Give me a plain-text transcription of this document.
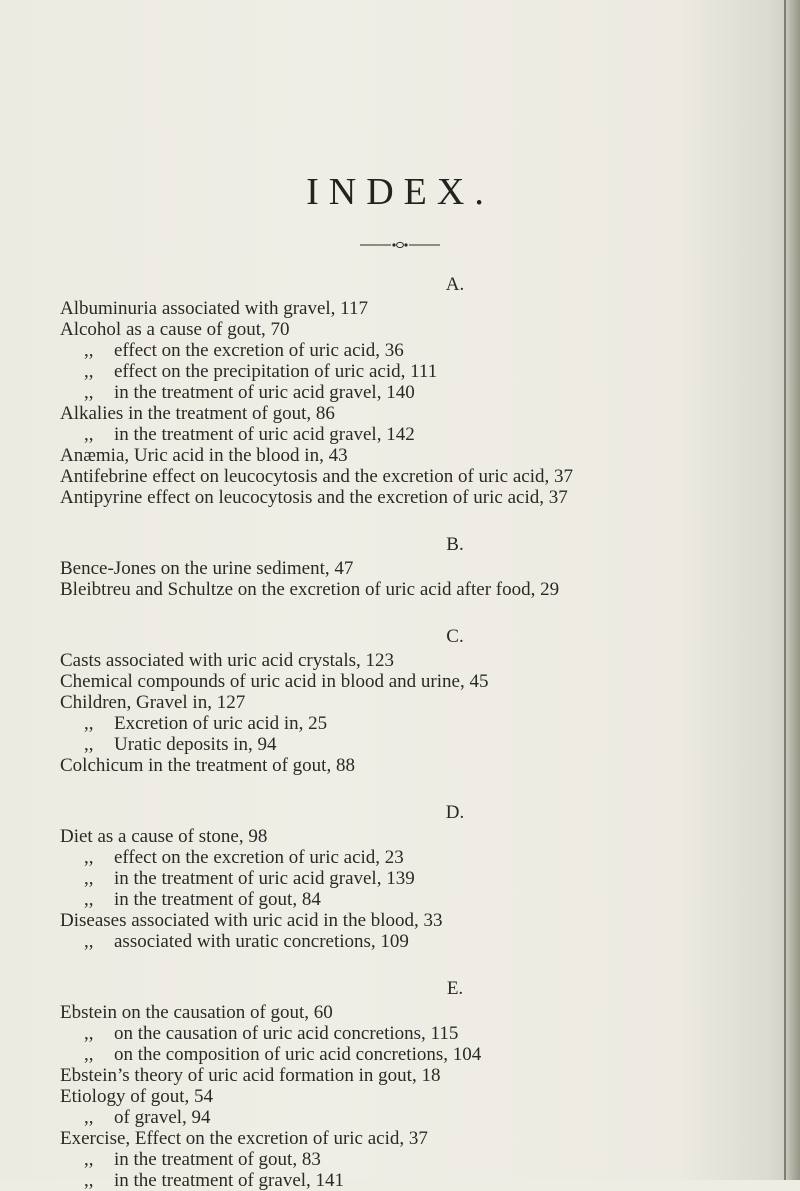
INDEX.
A.
Albuminuria associated with gravel, 117
Alcohol as a cause of gout, 70
,, effect on the excretion of uric acid, 36
,, effect on the precipitation of uric acid, 111
,, in the treatment of uric acid gravel, 140
Alkalies in the treatment of gout, 86
,, in the treatment of uric acid gravel, 142
Anæmia, Uric acid in the blood in, 43
Antifebrine effect on leucocytosis and the excretion of uric acid, 37
Antipyrine effect on leucocytosis and the excretion of uric acid, 37
B.
Bence-Jones on the urine sediment, 47
Bleibtreu and Schultze on the excretion of uric acid after food, 29
C.
Casts associated with uric acid crystals, 123
Chemical compounds of uric acid in blood and urine, 45
Children, Gravel in, 127
,, Excretion of uric acid in, 25
,, Uratic deposits in, 94
Colchicum in the treatment of gout, 88
D.
Diet as a cause of stone, 98
,, effect on the excretion of uric acid, 23
,, in the treatment of uric acid gravel, 139
,, in the treatment of gout, 84
Diseases associated with uric acid in the blood, 33
,, associated with uratic concretions, 109
E.
Ebstein on the causation of gout, 60
,, on the causation of uric acid concretions, 115
,, on the composition of uric acid concretions, 104
Ebstein’s theory of uric acid formation in gout, 18
Etiology of gout, 54
,, of gravel, 94
Exercise, Effect on the excretion of uric acid, 37
,, in the treatment of gout, 83
,, in the treatment of gravel, 141
